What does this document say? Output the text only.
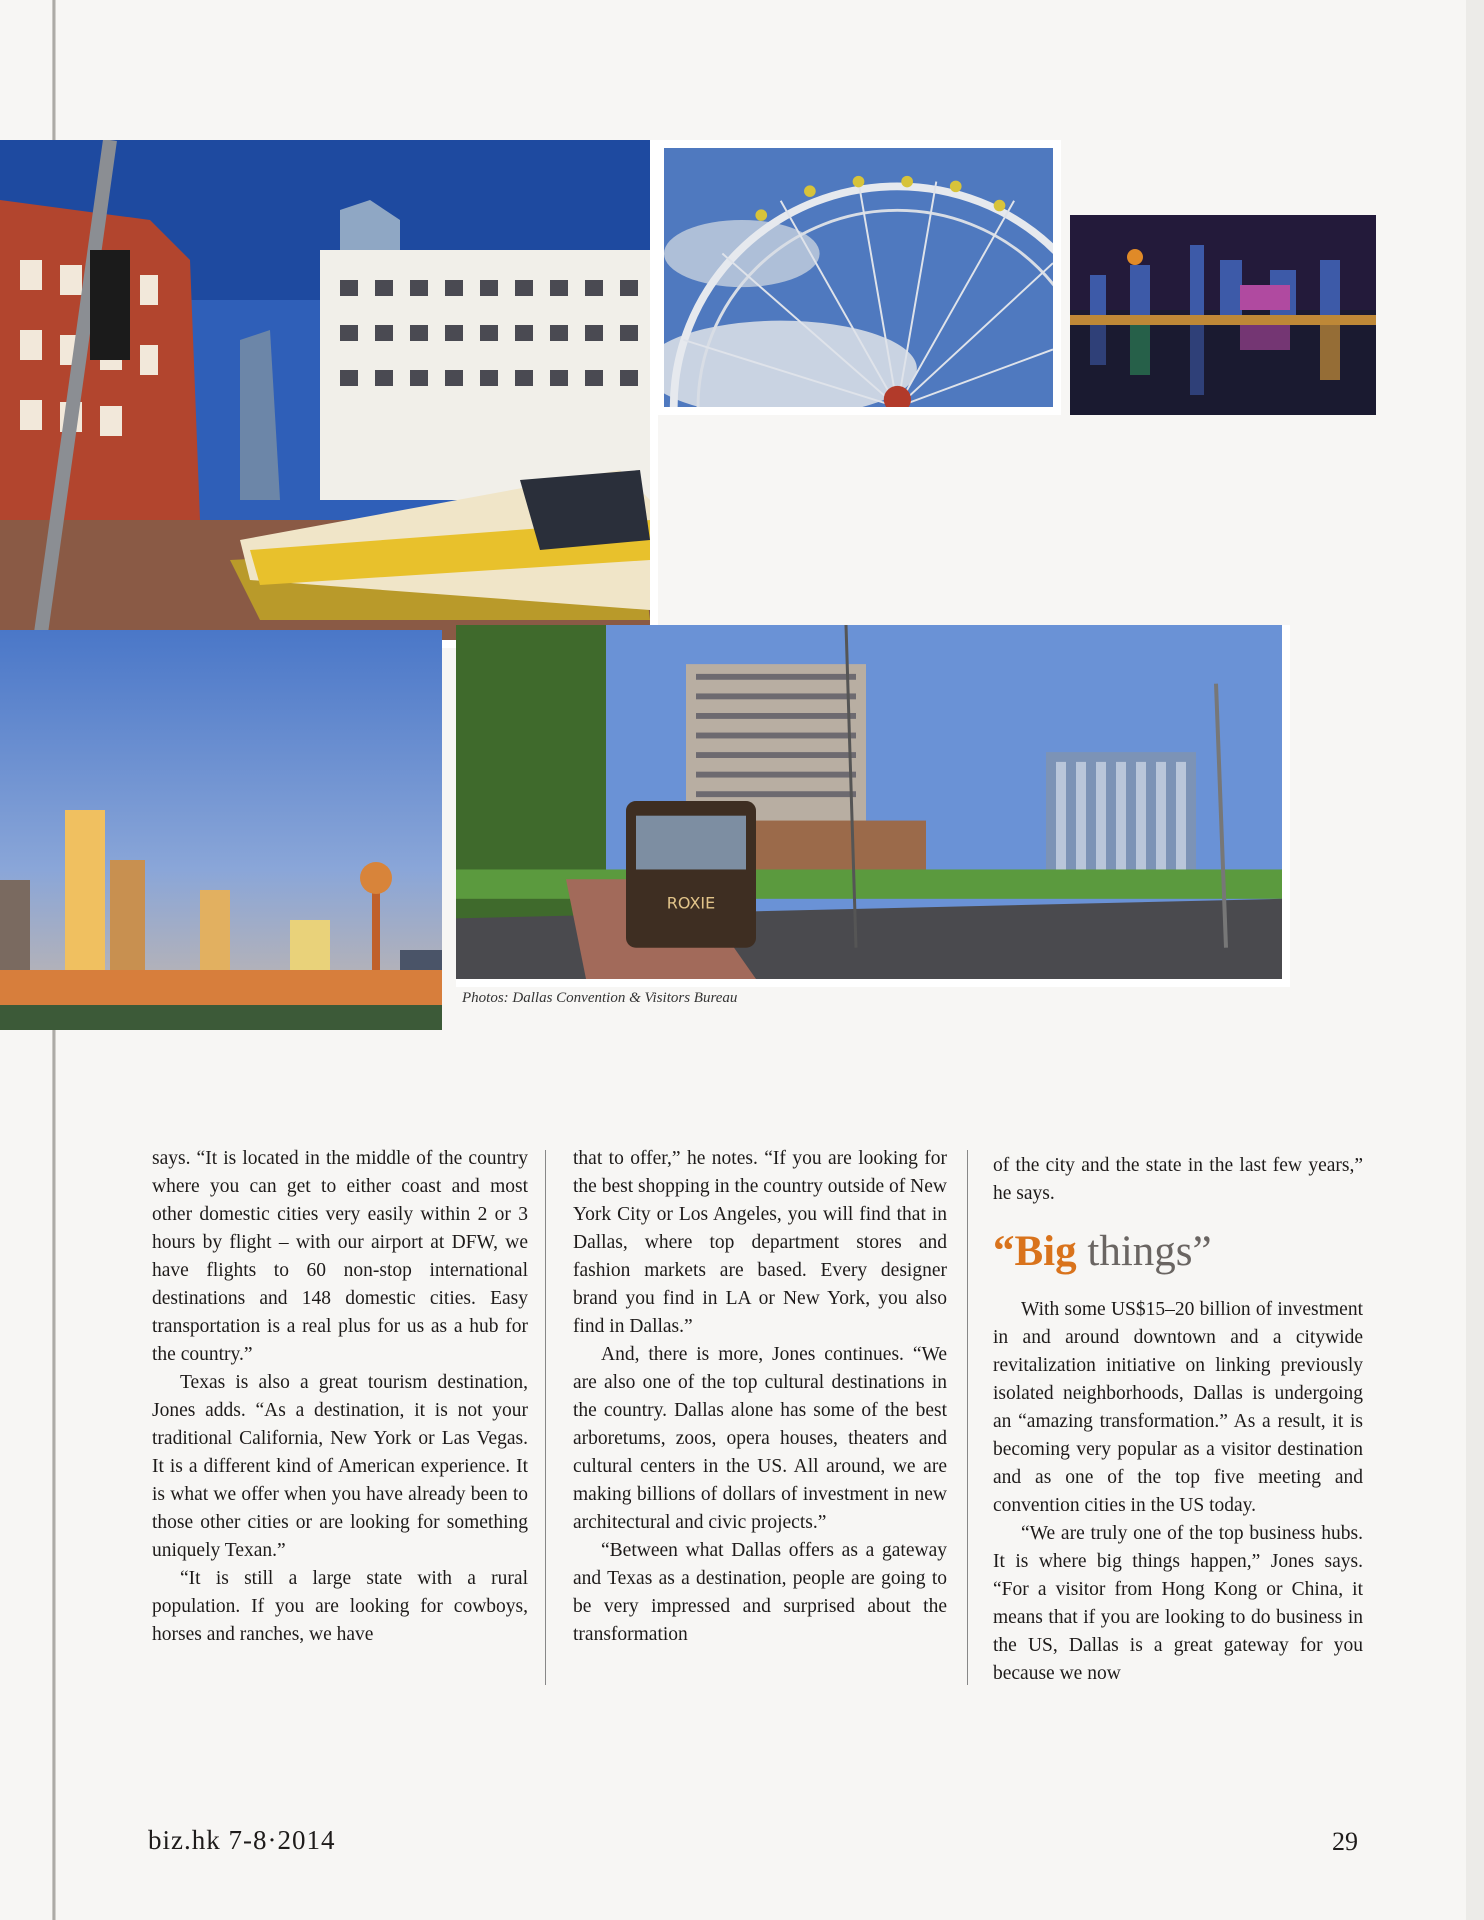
ROXIE
Photos: Dallas Convention & Visitors Bureau

says. “It is located in the middle of the country where you can get to either coast and most other domestic cities very easily within 2 or 3 hours by flight – with our airport at DFW, we have flights to 60 non-stop international destinations and 148 domestic cities. Easy transportation is a real plus for us as a hub for the country.”

Texas is also a great tourism destination, Jones adds. “As a destination, it is not your traditional California, New York or Las Vegas. It is a different kind of American experience. It is what we offer when you have already been to those other cities or are looking for something uniquely Texan.”

“It is still a large state with a rural population. If you are looking for cowboys, horses and ranches, we have

that to offer,” he notes. “If you are looking for the best shopping in the country outside of New York City or Los Angeles, you will find that in Dallas, where top department stores and fashion markets are based. Every designer brand you find in LA or New York, you also find in Dallas.”

And, there is more, Jones continues. “We are also one of the top cultural destinations in the country. Dallas alone has some of the best arboretums, zoos, opera houses, theaters and cultural centers in the US. All around, we are making billions of dollars of investment in new architectural and civic projects.”

“Between what Dallas offers as a gateway and Texas as a destination, people are going to be very impressed and surprised about the transformation

of the city and the state in the last few years,” he says.

“Big things”

With some US$15–20 billion of investment in and around downtown and a citywide revitalization initiative on linking previously isolated neighborhoods, Dallas is undergoing an “amazing transformation.” As a result, it is becoming very popular as a visitor destination and as one of the top five meeting and convention cities in the US today.

“We are truly one of the top business hubs. It is where big things happen,” Jones says. “For a visitor from Hong Kong or China, it means that if you are looking to do business in the US, Dallas is a great gateway for you because we now

biz.hk 7-8·2014	29
